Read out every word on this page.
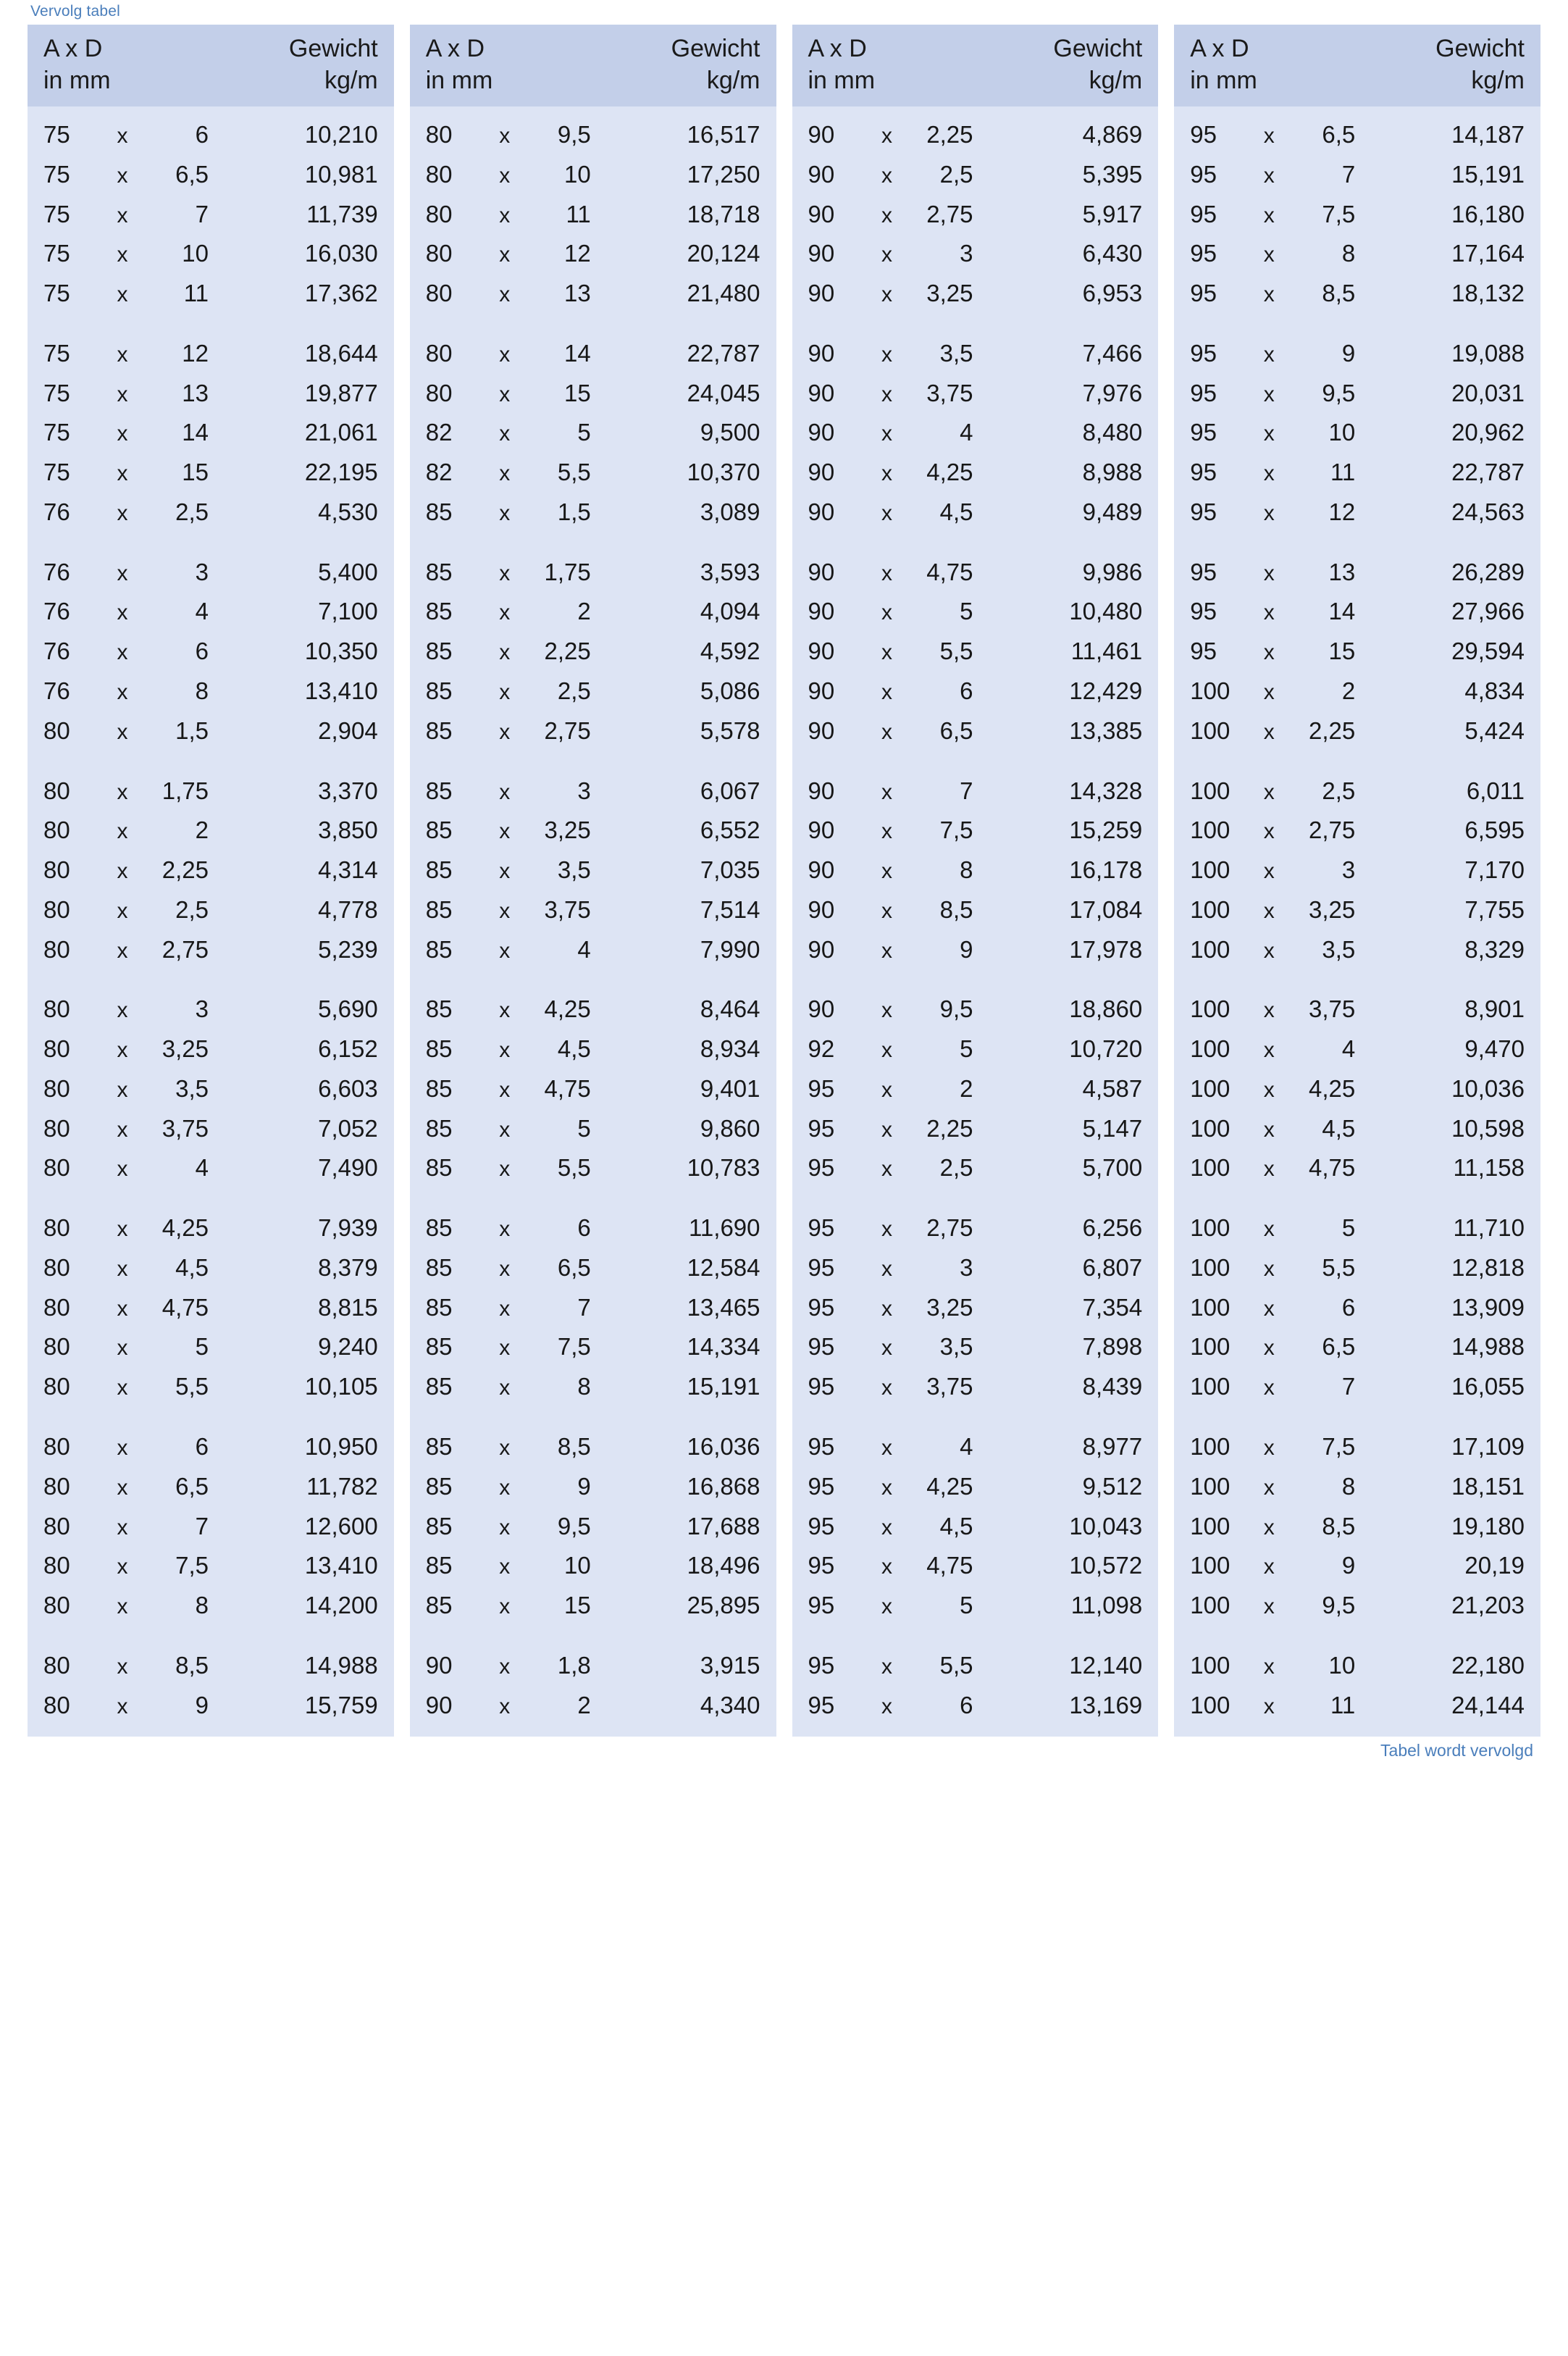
Vervolg tabel
A x D	Gewicht
in mm	kg/m
75	x	6	10,210
75	x	6,5	10,981
75	x	7	11,739
75	x	10	16,030
75	x	11	17,362
75	x	12	18,644
75	x	13	19,877
75	x	14	21,061
75	x	15	22,195
76	x	2,5	4,530
76	x	3	5,400
76	x	4	7,100
76	x	6	10,350
76	x	8	13,410
80	x	1,5	2,904
80	x	1,75	3,370
80	x	2	3,850
80	x	2,25	4,314
80	x	2,5	4,778
80	x	2,75	5,239
80	x	3	5,690
80	x	3,25	6,152
80	x	3,5	6,603
80	x	3,75	7,052
80	x	4	7,490
80	x	4,25	7,939
80	x	4,5	8,379
80	x	4,75	8,815
80	x	5	9,240
80	x	5,5	10,105
80	x	6	10,950
80	x	6,5	11,782
80	x	7	12,600
80	x	7,5	13,410
80	x	8	14,200
80	x	8,5	14,988
80	x	9	15,759
A x D	Gewicht
in mm	kg/m
80	x	9,5	16,517
80	x	10	17,250
80	x	11	18,718
80	x	12	20,124
80	x	13	21,480
80	x	14	22,787
80	x	15	24,045
82	x	5	9,500
82	x	5,5	10,370
85	x	1,5	3,089
85	x	1,75	3,593
85	x	2	4,094
85	x	2,25	4,592
85	x	2,5	5,086
85	x	2,75	5,578
85	x	3	6,067
85	x	3,25	6,552
85	x	3,5	7,035
85	x	3,75	7,514
85	x	4	7,990
85	x	4,25	8,464
85	x	4,5	8,934
85	x	4,75	9,401
85	x	5	9,860
85	x	5,5	10,783
85	x	6	11,690
85	x	6,5	12,584
85	x	7	13,465
85	x	7,5	14,334
85	x	8	15,191
85	x	8,5	16,036
85	x	9	16,868
85	x	9,5	17,688
85	x	10	18,496
85	x	15	25,895
90	x	1,8	3,915
90	x	2	4,340
A x D	Gewicht
in mm	kg/m
90	x	2,25	4,869
90	x	2,5	5,395
90	x	2,75	5,917
90	x	3	6,430
90	x	3,25	6,953
90	x	3,5	7,466
90	x	3,75	7,976
90	x	4	8,480
90	x	4,25	8,988
90	x	4,5	9,489
90	x	4,75	9,986
90	x	5	10,480
90	x	5,5	11,461
90	x	6	12,429
90	x	6,5	13,385
90	x	7	14,328
90	x	7,5	15,259
90	x	8	16,178
90	x	8,5	17,084
90	x	9	17,978
90	x	9,5	18,860
92	x	5	10,720
95	x	2	4,587
95	x	2,25	5,147
95	x	2,5	5,700
95	x	2,75	6,256
95	x	3	6,807
95	x	3,25	7,354
95	x	3,5	7,898
95	x	3,75	8,439
95	x	4	8,977
95	x	4,25	9,512
95	x	4,5	10,043
95	x	4,75	10,572
95	x	5	11,098
95	x	5,5	12,140
95	x	6	13,169
A x D	Gewicht
in mm	kg/m
95	x	6,5	14,187
95	x	7	15,191
95	x	7,5	16,180
95	x	8	17,164
95	x	8,5	18,132
95	x	9	19,088
95	x	9,5	20,031
95	x	10	20,962
95	x	11	22,787
95	x	12	24,563
95	x	13	26,289
95	x	14	27,966
95	x	15	29,594
100	x	2	4,834
100	x	2,25	5,424
100	x	2,5	6,011
100	x	2,75	6,595
100	x	3	7,170
100	x	3,25	7,755
100	x	3,5	8,329
100	x	3,75	8,901
100	x	4	9,470
100	x	4,25	10,036
100	x	4,5	10,598
100	x	4,75	11,158
100	x	5	11,710
100	x	5,5	12,818
100	x	6	13,909
100	x	6,5	14,988
100	x	7	16,055
100	x	7,5	17,109
100	x	8	18,151
100	x	8,5	19,180
100	x	9	20,19
100	x	9,5	21,203
100	x	10	22,180
100	x	11	24,144
Tabel wordt vervolgd
